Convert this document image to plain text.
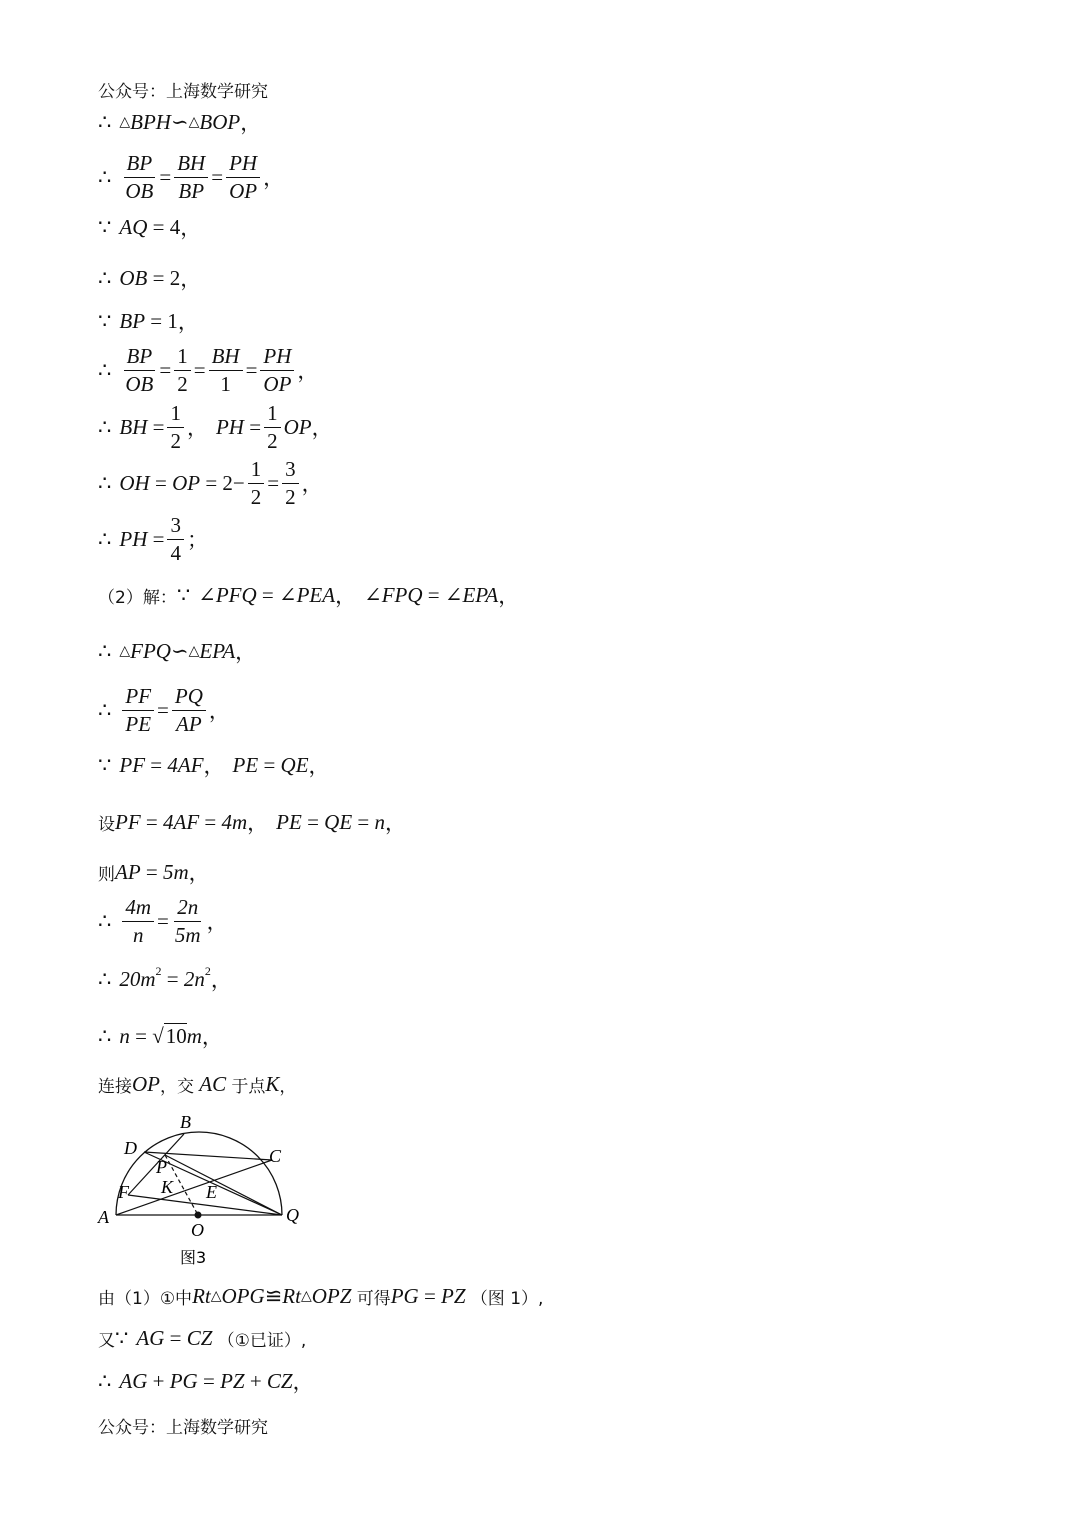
公众号：上海数学研究
∴ △ BPH ∽ △ BOP ，
∴ $\frac{BP}{OB} = \frac{BH}{BP} = \frac{PH}{OP}$ ，
∵ AQ
=
4 ，
∴ OB
=
2 ，
∵ BP
=
1 ，
∴ $\frac{BP}{OB} = \frac{1}{2} = \frac{BH}{1} = \frac{PH}{OP}$ ，
∴ BH
= $\frac{1}{2}$ ， PH
= $\frac{1}{2}$ OP ，
∴ OH
=
OP
=
$2 - \frac{1}{2} = \frac{3}{2}$ ，
∴ PH
= $\frac{3}{4}$ ；
（2）解： ∵ ∠ PFQ
=
∠ PEA ， ∠ FPQ
=
∠ EPA ，
∴ △ FPQ ∽ △ EPA ，
∴ $\frac{PF}{PE} = \frac{PQ}{AP}$ ，
∵ PF
=
4AF ， PE
=
QE ，
设 PF
=
4AF
=
4m ， PE
=
QE
=
n ，
则 AP
=
5m ，
∴ $\frac{4m}{n} = \frac{2n}{5m}$ ，
∴ 20m 2
=
2n 2 ，
∴ n
=
√ 10 m ，
连接 OP ，交
AC
于点 K ，
B
D	C
P
K
F	E
A	Q
O
图3
由（1）①中 Rt △ OPG ≌ Rt △ OPZ
可得 PG
=
PZ
（图 1）,
又 ∵ AG
=
CZ
（①已证）,
∴ AG
+
PG
=
PZ
+
CZ ，
公众号：上海数学研究
